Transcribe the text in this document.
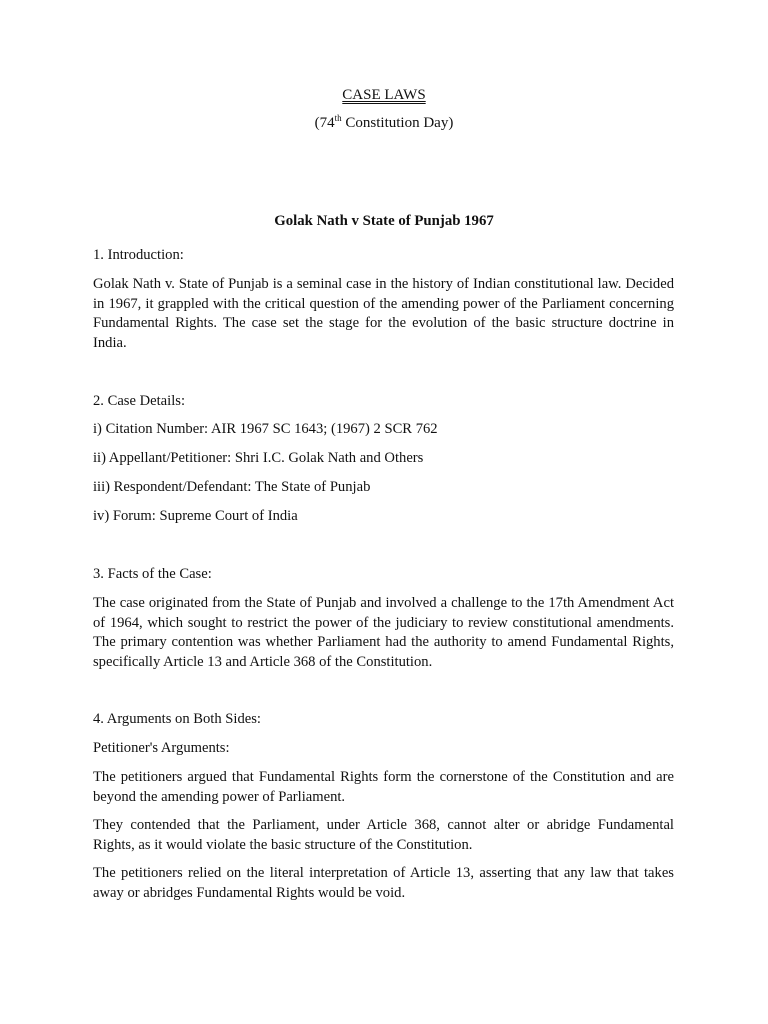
CASE LAWS

(74th Constitution Day)

Golak Nath v State of Punjab 1967

1. Introduction:

Golak Nath v. State of Punjab is a seminal case in the history of Indian constitutional law. Decided in 1967, it grappled with the critical question of the amending power of the Parliament concerning Fundamental Rights. The case set the stage for the evolution of the basic structure doctrine in India.

2. Case Details:

i) Citation Number: AIR 1967 SC 1643; (1967) 2 SCR 762

ii) Appellant/Petitioner: Shri I.C. Golak Nath and Others

iii) Respondent/Defendant: The State of Punjab

iv) Forum: Supreme Court of India

3. Facts of the Case:

The case originated from the State of Punjab and involved a challenge to the 17th Amendment Act of 1964, which sought to restrict the power of the judiciary to review constitutional amendments. The primary contention was whether Parliament had the authority to amend Fundamental Rights, specifically Article 13 and Article 368 of the Constitution.

4. Arguments on Both Sides:

Petitioner's Arguments:

The petitioners argued that Fundamental Rights form the cornerstone of the Constitution and are beyond the amending power of Parliament.

They contended that the Parliament, under Article 368, cannot alter or abridge Fundamental Rights, as it would violate the basic structure of the Constitution.

The petitioners relied on the literal interpretation of Article 13, asserting that any law that takes away or abridges Fundamental Rights would be void.
